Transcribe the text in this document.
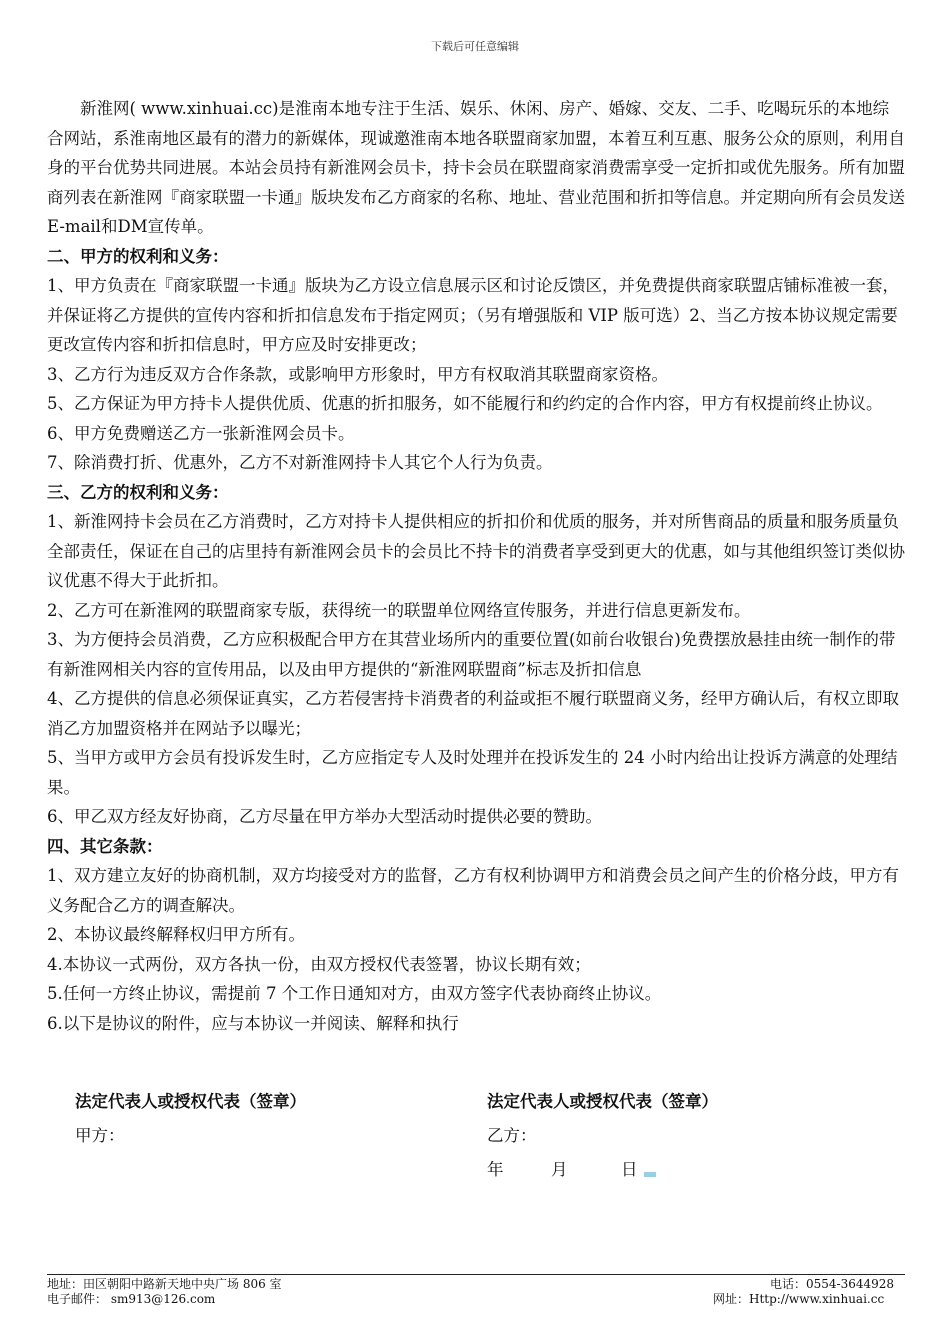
下载后可任意编辑

新淮网( www.xinhuai.cc)是淮南本地专注于生活、娱乐、休闲、房产、婚嫁、交友、二手、吃喝玩乐的本地综合网站，系淮南地区最有的潜力的新媒体，现诚邀淮南本地各联盟商家加盟，本着互利互惠、服务公众的原则，利用自身的平台优势共同进展。本站会员持有新淮网会员卡，持卡会员在联盟商家消费需享受一定折扣或优先服务。所有加盟商列表在新淮网『商家联盟一卡通』版块发布乙方商家的名称、地址、营业范围和折扣等信息。并定期向所有会员发送E-mail和DM宣传单。

二、甲方的权利和义务：

1、甲方负责在『商家联盟一卡通』版块为乙方设立信息展示区和讨论反馈区，并免费提供商家联盟店铺标准被一套，并保证将乙方提供的宣传内容和折扣信息发布于指定网页；（另有增强版和 VIP 版可选）2、当乙方按本协议规定需要更改宣传内容和折扣信息时，甲方应及时安排更改；

3、乙方行为违反双方合作条款，或影响甲方形象时，甲方有权取消其联盟商家资格。

5、乙方保证为甲方持卡人提供优质、优惠的折扣服务，如不能履行和约约定的合作内容，甲方有权提前终止协议。

6、甲方免费赠送乙方一张新淮网会员卡。

7、除消费打折、优惠外，乙方不对新淮网持卡人其它个人行为负责。

三、乙方的权利和义务：

1、新淮网持卡会员在乙方消费时，乙方对持卡人提供相应的折扣价和优质的服务，并对所售商品的质量和服务质量负全部责任，保证在自己的店里持有新淮网会员卡的会员比不持卡的消费者享受到更大的优惠，如与其他组织签订类似协议优惠不得大于此折扣。

2、乙方可在新淮网的联盟商家专版，获得统一的联盟单位网络宣传服务，并进行信息更新发布。

3、为方便持会员消费，乙方应积极配合甲方在其营业场所内的重要位置(如前台收银台)免费摆放悬挂由统一制作的带有新淮网相关内容的宣传用品，以及由甲方提供的“新淮网联盟商”标志及折扣信息

4、乙方提供的信息必须保证真实，乙方若侵害持卡消费者的利益或拒不履行联盟商义务，经甲方确认后，有权立即取消乙方加盟资格并在网站予以曝光；

5、当甲方或甲方会员有投诉发生时，乙方应指定专人及时处理并在投诉发生的 24 小时内给出让投诉方满意的处理结果。

6、甲乙双方经友好协商，乙方尽量在甲方举办大型活动时提供必要的赞助。

四、其它条款：

1、双方建立友好的协商机制，双方均接受对方的监督，乙方有权利协调甲方和消费会员之间产生的价格分歧，甲方有义务配合乙方的调查解决。

2、本协议最终解释权归甲方所有。

4.本协议一式两份，双方各执一份，由双方授权代表签署，协议长期有效；

5.任何一方终止协议，需提前 7 个工作日通知对方，由双方签字代表协商终止协议。

6.以下是协议的附件，应与本协议一并阅读、解释和执行

法定代表人或授权代表（签章）
甲方：
法定代表人或授权代表（签章）
乙方：
年	月	日
地址：田区朝阳中路新天地中央广场 806 室	电话：0554-3644928
电子邮件： sm913@126.com	网址：Http://www.xinhuai.cc
